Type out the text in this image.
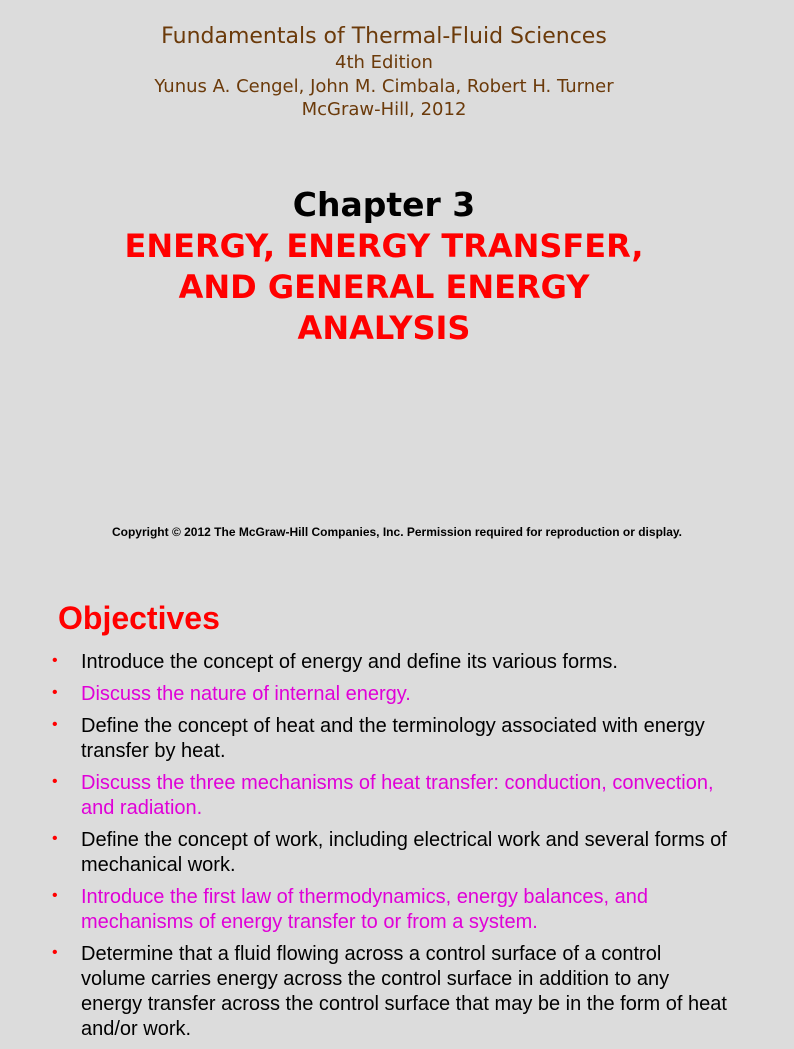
Fundamentals of Thermal-Fluid Sciences
4th Edition
Yunus A. Cengel, John M. Cimbala, Robert H. Turner
McGraw-Hill, 2012
Chapter 3
ENERGY, ENERGY TRANSFER,
AND GENERAL ENERGY
ANALYSIS
Copyright © 2012 The McGraw-Hill Companies, Inc. Permission required for reproduction or display.
Objectives
• Introduce the concept of energy and define its various forms.
• Discuss the nature of internal energy.
• Define the concept of heat and the terminology associated with energy transfer by heat.
• Discuss the three mechanisms of heat transfer: conduction, convection, and radiation.
• Define the concept of work, including electrical work and several forms of mechanical work.
• Introduce the first law of thermodynamics, energy balances, and mechanisms of energy transfer to or from a system.
• Determine that a fluid flowing across a control surface of a control volume carries energy across the control surface in addition to any energy transfer across the control surface that may be in the form of heat and/or work.
